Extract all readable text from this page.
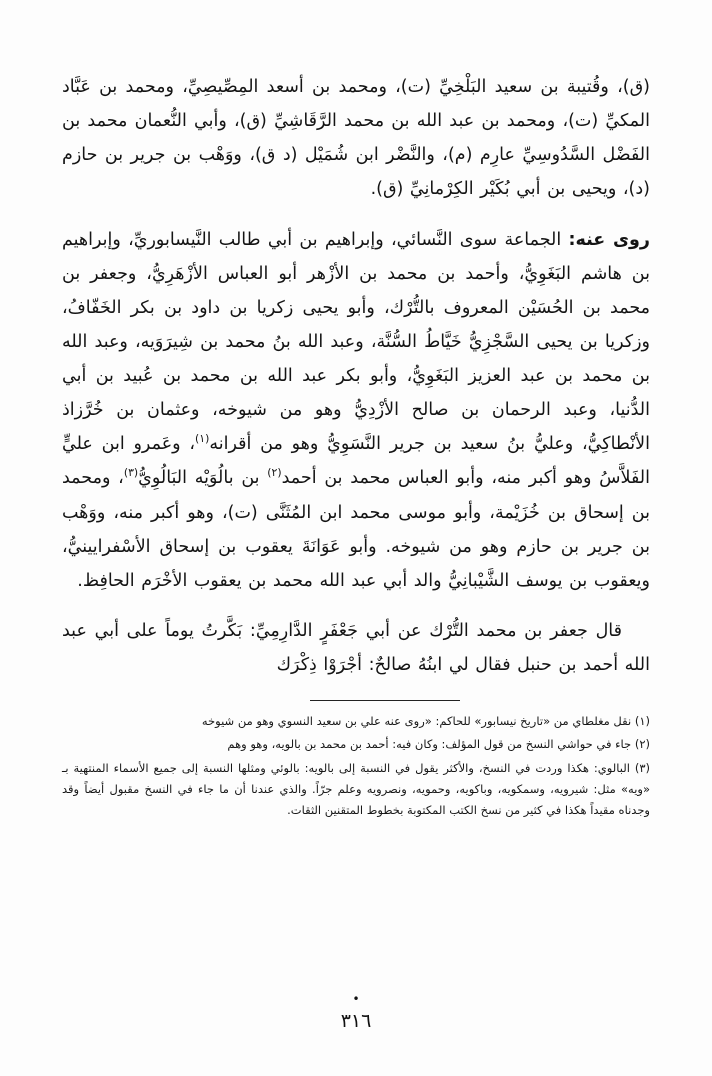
(ق)، وقُتيبة بن سعيد البَلْخِيِّ (ت)، ومحمد بن أسعد المِصِّيصِيِّ، ومحمد بن عَبَّاد المكيِّ (ت)، ومحمد بن عبد الله بن محمد الرَّقَاشِيِّ (ق)، وأبي النُّعمان محمد بن الفَضْل السَّدُوسِيِّ عارِم (م)، والنَّضْر ابن شُمَيْل (د ق)، ووَهْب بن جرير بن حازم (د)، ويحيى بن أبي بُكَيْر الكِرْمانِيِّ (ق).

روى عنه: الجماعة سوى النَّسائي، وإبراهيم بن أبي طالب النَّيسابوريِّ، وإبراهيم بن هاشم البَغَوِيُّ، وأحمد بن محمد بن الأزْهر أبو العباس الأزْهَرِيُّ، وجعفر بن محمد بن الحُسَيْن المعروف بالتُّرْك، وأبو يحيى زكريا بن داود بن بكر الخَفّافُ، وزكريا بن يحيى السَّجْزِيُّ خَيَّاطُ السُّنَّة، وعبد الله بنُ محمد بن شِيرَوَيه، وعبد الله بن محمد بن عبد العزيز البَغَوِيُّ، وأبو بكر عبد الله بن محمد بن عُبيد بن أبي الدُّنيا، وعبد الرحمان بن صالح الأزْدِيُّ وهو من شيوخه، وعثمان بن خُرَّزاذ الأنْطاكِيُّ، وعليُّ بنُ سعيد بن جرير النَّسَوِيُّ وهو من أقرانه$^{(١)}$، وعَمرو ابن عليٍّ الفَلاَّسُ وهو أكبر منه، وأبو العباس محمد بن أحمد$^{(٢)}$ بن بالُوَيْه البَالُوِيُّ$^{(٣)}$، ومحمد بن إسحاق بن خُزَيْمة، وأبو موسى محمد ابن المُثَنَّى (ت)، وهو أكبر منه، ووَهْب بن جرير بن حازم وهو من شيوخه. وأبو عَوَانَةَ يعقوب بن إسحاق الأسْفرايينيُّ، ويعقوب بن يوسف الشَّيْبانِيُّ والد أبي عبد الله محمد بن يعقوب الأخْرَم الحافِظ.

قال جعفر بن محمد التُّرْك عن أبي جَعْفَرٍ الدَّارِمِيِّ: بَكَّرتُ يوماً على أبي عبد الله أحمد بن حنبل فقال لي ابنُهُ صالحٌ: أجْرَوْا ذِكْرَك

(١) نقل مغلطاي من «تاريخ نيسابور» للحاكم: «روى عنه علي بن سعيد النسوي وهو من شيوخه

(٢) جاء في حواشي النسخ من قول المؤلف: وكان فيه: أحمد بن محمد بن بالويه، وهو وهم

(٣) البالوي: هكذا وردت في النسخ، والأكثر يقول في النسبة إلى بالويه: بالوئي ومثلها النسبة إلى جميع الأسماء المنتهية بـ «ويه» مثل: شيرويه، وسمكويه، وباكويه، وحمويه، ونصرويه وعلم جرّاً. والذي عندنا أن ما جاء في النسخ مقبول أيضاً وقد وجدناه مقيداً هكذا في كثير من نسخ الكتب المكتوبة بخطوط المتقنين الثقات.

•
٣١٦
